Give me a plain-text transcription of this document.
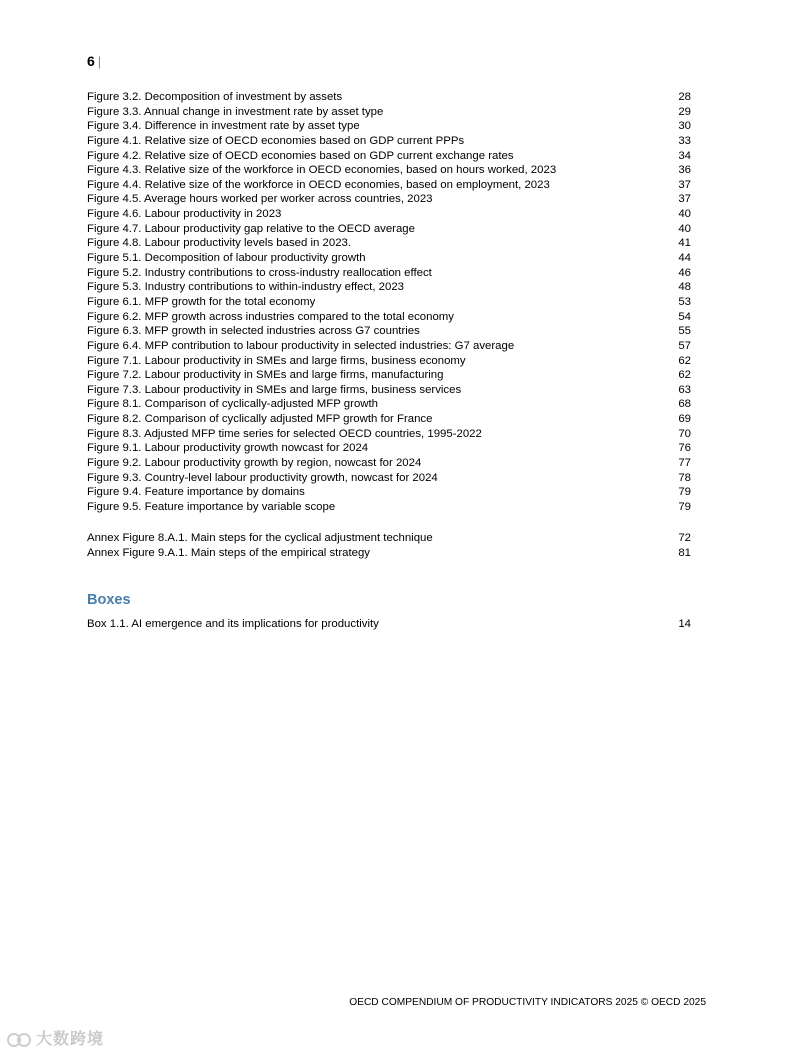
6 |
Figure 3.2. Decomposition of investment by assets	28
Figure 3.3. Annual change in investment rate by asset type	29
Figure 3.4. Difference in investment rate by asset type	30
Figure 4.1. Relative size of OECD economies based on GDP current PPPs	33
Figure 4.2. Relative size of OECD economies based on GDP current exchange rates	34
Figure 4.3. Relative size of the workforce in OECD economies, based on hours worked, 2023	36
Figure 4.4. Relative size of the workforce in OECD economies, based on employment, 2023	37
Figure 4.5. Average hours worked per worker across countries, 2023	37
Figure 4.6. Labour productivity in 2023	40
Figure 4.7. Labour productivity gap relative to the OECD average	40
Figure 4.8. Labour productivity levels based in 2023.	41
Figure 5.1. Decomposition of labour productivity growth	44
Figure 5.2. Industry contributions to cross-industry reallocation effect	46
Figure 5.3. Industry contributions to within-industry effect, 2023	48
Figure 6.1. MFP growth for the total economy	53
Figure 6.2. MFP growth across industries compared to the total economy	54
Figure 6.3. MFP growth in selected industries across G7 countries	55
Figure 6.4. MFP contribution to labour productivity in selected industries: G7 average	57
Figure 7.1. Labour productivity in SMEs and large firms, business economy	62
Figure 7.2. Labour productivity in SMEs and large firms, manufacturing	62
Figure 7.3. Labour productivity in SMEs and large firms, business services	63
Figure 8.1. Comparison of cyclically-adjusted MFP growth	68
Figure 8.2. Comparison of cyclically adjusted MFP growth for France	69
Figure 8.3. Adjusted MFP time series for selected OECD countries, 1995-2022	70
Figure 9.1. Labour productivity growth nowcast for 2024	76
Figure 9.2. Labour productivity growth by region, nowcast for 2024	77
Figure 9.3. Country-level labour productivity growth, nowcast for 2024	78
Figure 9.4. Feature importance by domains	79
Figure 9.5. Feature importance by variable scope	79
Annex Figure 8.A.1. Main steps for the cyclical adjustment technique	72
Annex Figure 9.A.1. Main steps of the empirical strategy	81
Boxes
Box 1.1. AI emergence and its implications for productivity	14
OECD COMPENDIUM OF PRODUCTIVITY INDICATORS 2025 © OECD 2025
大数跨境
